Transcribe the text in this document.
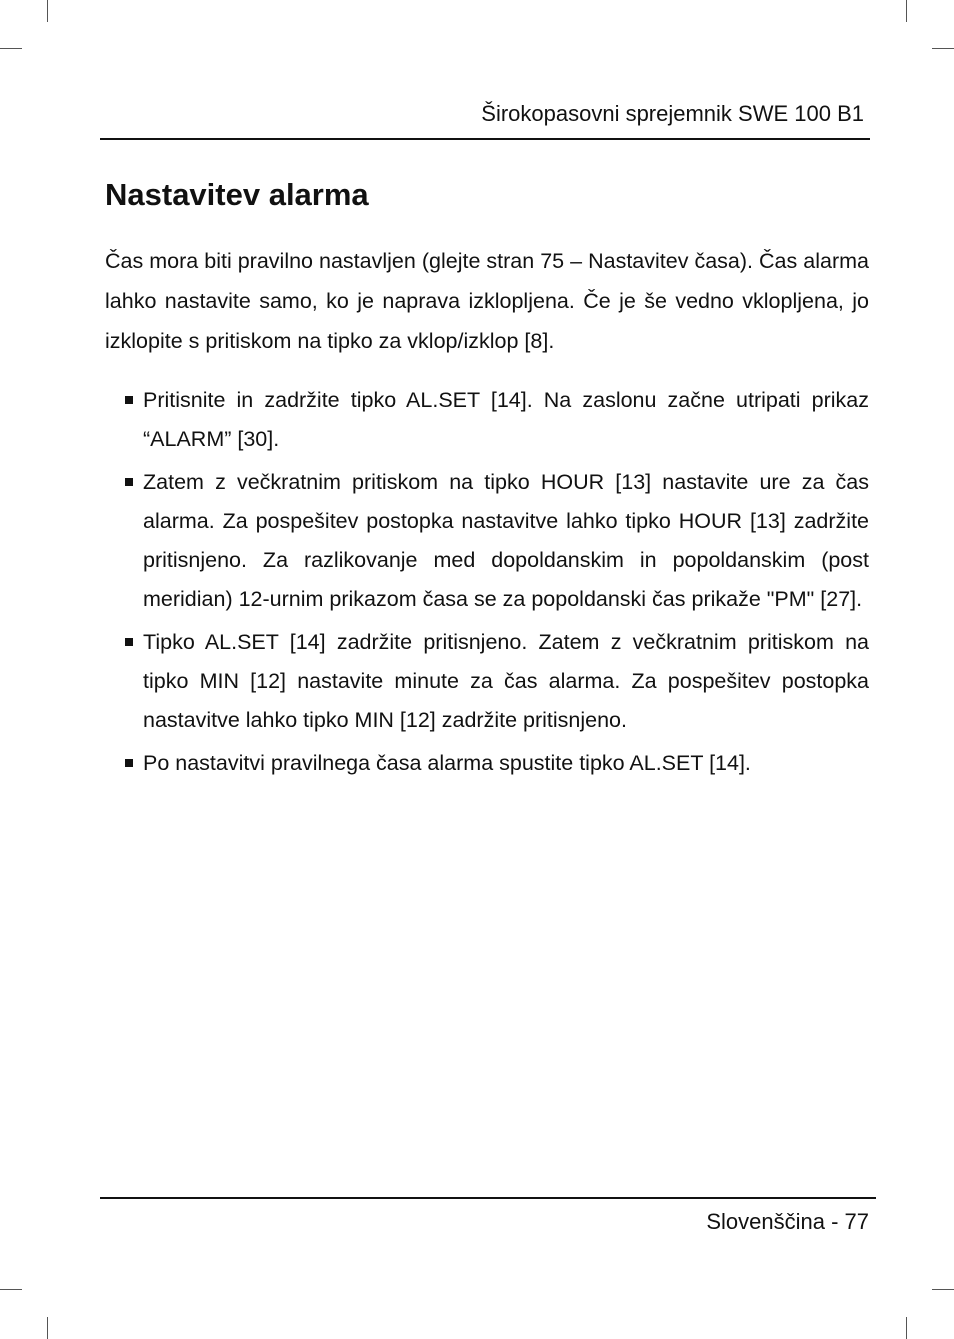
Širokopasovni sprejemnik SWE 100 B1
Nastavitev alarma

Čas mora biti pravilno nastavljen (glejte stran 75 – Nastavitev časa). Čas alarma lahko nastavite samo, ko je naprava izklopljena. Če je še vedno vklopljena, jo izklopite s pritiskom na tipko za vklop/izklop [8].

Pritisnite in zadržite tipko AL.SET [14]. Na zaslonu začne utripati prikaz “ALARM” [30].
Zatem z večkratnim pritiskom na tipko HOUR [13] nastavite ure za čas alarma. Za pospešitev postopka nastavitve lahko tipko HOUR [13] zadržite pritisnjeno. Za razlikovanje med dopoldanskim in popoldanskim (post meridian) 12-urnim prikazom časa se za popoldanski čas prikaže "PM" [27].
Tipko AL.SET [14] zadržite pritisnjeno. Zatem z večkratnim pritiskom na tipko MIN [12] nastavite minute za čas alarma. Za pospešitev postopka nastavitve lahko tipko MIN [12] zadržite pritisnjeno.
Po nastavitvi pravilnega časa alarma spustite tipko AL.SET [14].
Slovenščina - 77
